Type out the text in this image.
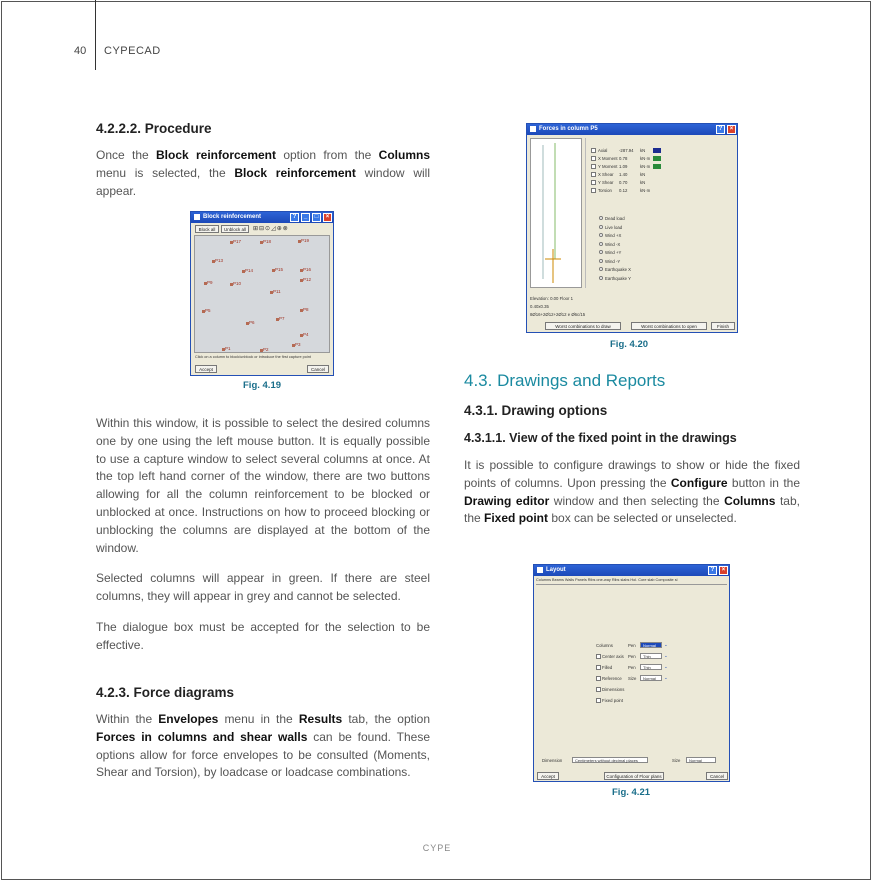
40 CYPECAD
4.2.2.2. Procedure

Once the Block reinforcement option from the Columns menu is selected, the Block reinforcement window will appear.

Block reinforcement	?	_	□	×
Block all	Unblock all	⊞⊟⊙◿⊕⊗
P17	P18	P19
P13
P14	P15	P16
P12
P9	P10
P11
P5
P6
P7
P8
P4
P3
P1	P2
Click on a column to block/unblock or introduce the first capture point
Accept	Cancel
Fig. 4.19

Within this window, it is possible to select the desired columns one by one using the left mouse button. It is equally possible to use a capture window to select several columns at once. At the top left hand corner of the window, there are two buttons allowing for all the column reinforcement to be blocked or unblocked at once. Instructions on how to proceed blocking or unblocking the columns are displayed at the bottom of the window.

Selected columns will appear in green. If there are steel columns, they will appear in grey and cannot be selected.

The dialogue box must be accepted for the selection to be effective.

4.2.3. Force diagrams

Within the Envelopes menu in the Results tab, the option Forces in columns and shear walls can be found. These options allow for force envelopes to be consulted (Moments, Shear and Torsion), by loadcase or loadcase combinations.

Forces in column P5	?	×
Axial	-287.94 kN
X Moment 0.78	kN·m
Y Moment 1.09	kN·m
X Shear 1.40	kN
Y Shear 0.70	kN
Torsion 0.12	kN·m
Dead load
Live load
Wind +X
Wind -X
Wind +Y
Wind -Y
Earthquake X
Earthquake Y
Elevation: 0.00 Floor 1
0.40x0.35
8Ø16+2Ø12+2Ø12 e Ø6c/15
Worst combinations to draw	Worst combinations to open	Finish
Fig. 4.20
4.3. Drawings and Reports
4.3.1. Drawing options
4.3.1.1. View of the fixed point in the drawings

It is possible to configure drawings to show or hide the fixed points of columns. Upon pressing the Configure button in the Drawing editor window and then selecting the Columns tab, the Fixed point box can be selected or unselected.

Layout	?	×
Columns Beams Walls Panels Ribs one-way Ribs slabs Hol. Core slab Composite sl
Columns	Pen	Normal	⌄
Center axis Pen	Thin	⌄
Filled	Pen	Thin	⌄
Reference Size	Normal	⌄
Dimensions
Fixed point
Dimension	Centimeters without decimal places	Size	Normal
Accept	Configuration of Floor plans	Cancel
Fig. 4.21
CYPE
